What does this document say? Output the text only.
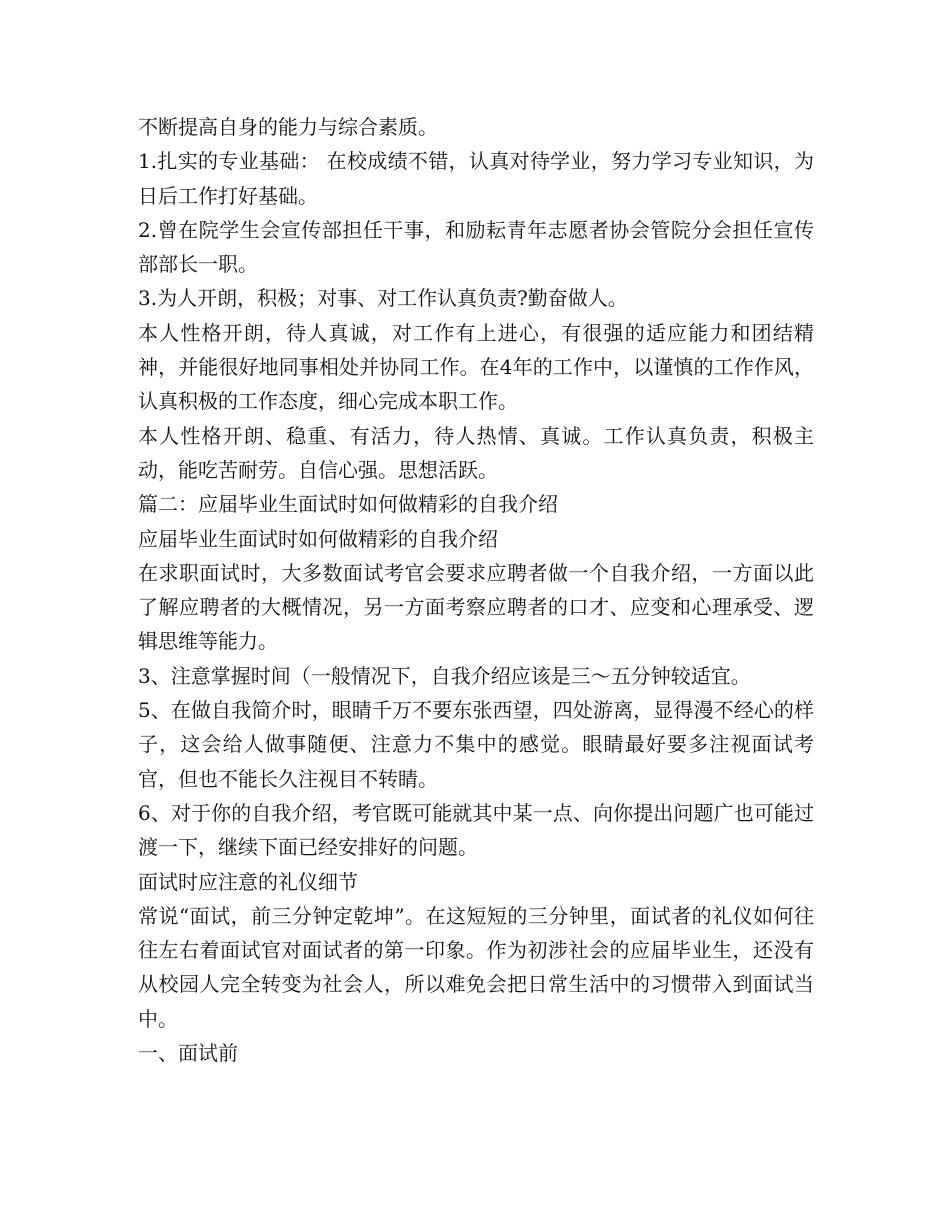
不断提高自身的能力与综合素质。

1.扎实的专业基础： 在校成绩不错，认真对待学业，努力学习专业知识，为日后工作打好基础。

2.曾在院学生会宣传部担任干事，和励耘青年志愿者协会管院分会担任宣传部部长一职。

3.为人开朗，积极；对事、对工作认真负责?勤奋做人。

本人性格开朗，待人真诚，对工作有上进心，有很强的适应能力和团结精神，并能很好地同事相处并协同工作。在4年的工作中，以谨慎的工作作风，认真积极的工作态度，细心完成本职工作。

本人性格开朗、稳重、有活力，待人热情、真诚。工作认真负责，积极主动，能吃苦耐劳。自信心强。思想活跃。

篇二：应届毕业生面试时如何做精彩的自我介绍

应届毕业生面试时如何做精彩的自我介绍

在求职面试时，大多数面试考官会要求应聘者做一个自我介绍，一方面以此了解应聘者的大概情况，另一方面考察应聘者的口才、应变和心理承受、逻辑思维等能力。

3、注意掌握时间（一般情况下，自我介绍应该是三～五分钟较适宜。

5、在做自我简介时，眼睛千万不要东张西望，四处游离，显得漫不经心的样子，这会给人做事随便、注意力不集中的感觉。眼睛最好要多注视面试考官，但也不能长久注视目不转睛。

6、对于你的自我介绍，考官既可能就其中某一点、向你提出问题广也可能过渡一下，继续下面已经安排好的问题。

面试时应注意的礼仪细节

常说“面试，前三分钟定乾坤”。在这短短的三分钟里，面试者的礼仪如何往往左右着面试官对面试者的第一印象。作为初涉社会的应届毕业生，还没有从校园人完全转变为社会人，所以难免会把日常生活中的习惯带入到面试当中。

一、面试前
